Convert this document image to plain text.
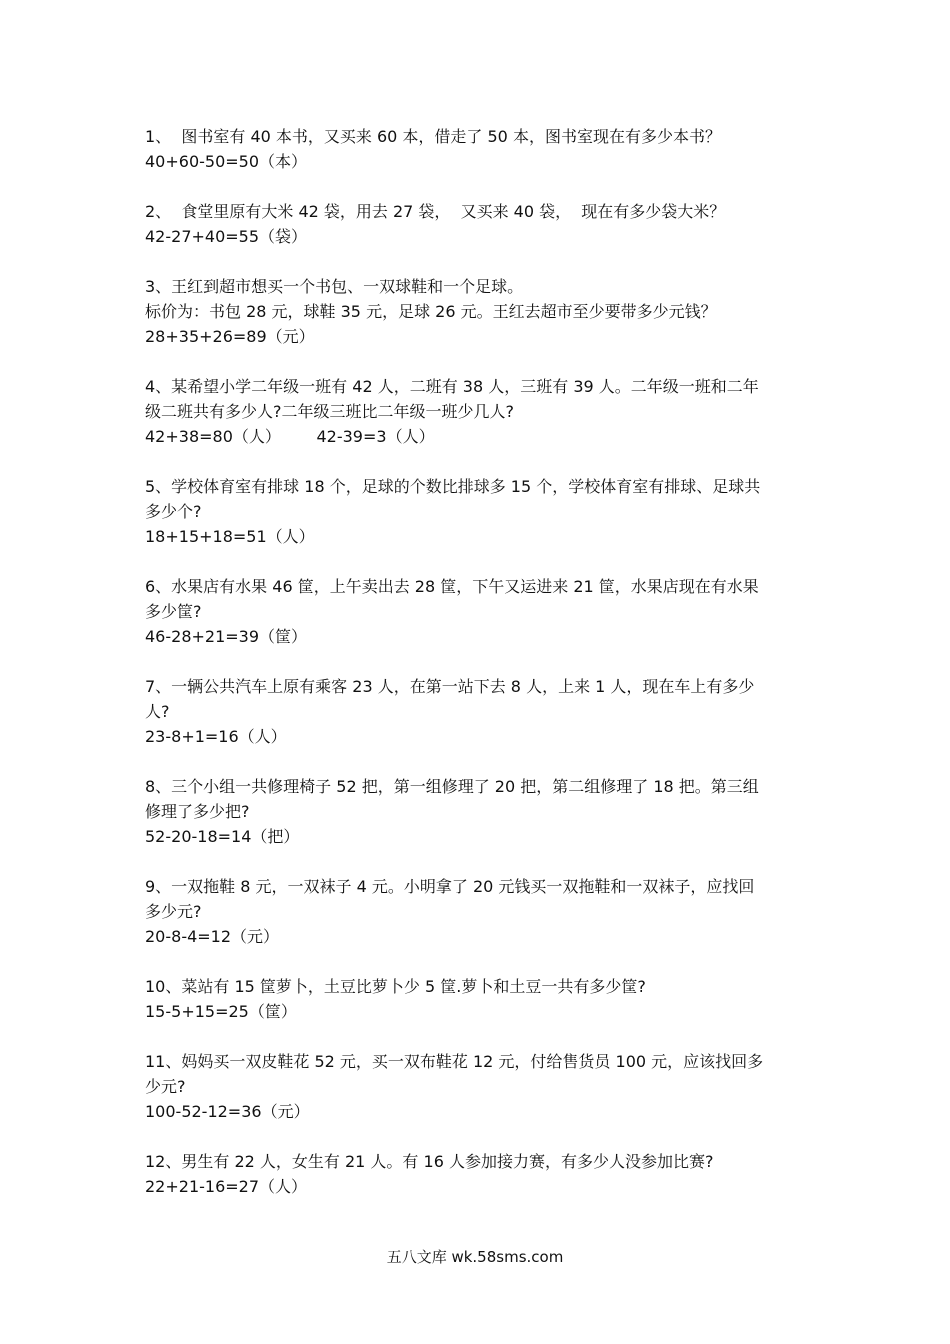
1、  图书室有 40 本书，又买来 60 本，借走了 50 本，图书室现在有多少本书？
40+60-50=50（本）
2、  食堂里原有大米 42 袋，用去 27 袋，  又买来 40 袋，  现在有多少袋大米？
42-27+40=55（袋）
3、王红到超市想买一个书包、一双球鞋和一个足球。
标价为：书包 28 元，球鞋 35 元，足球 26 元。王红去超市至少要带多少元钱？
28+35+26=89（元）
4、某希望小学二年级一班有 42 人，二班有 38 人，三班有 39 人。二年级一班和二年
级二班共有多少人?二年级三班比二年级一班少几人?
42+38=80（人）       42-39=3（人）
5、学校体育室有排球 18 个，足球的个数比排球多 15 个，学校体育室有排球、足球共
多少个?
18+15+18=51（人）
6、水果店有水果 46 筐，上午卖出去 28 筐，下午又运进来 21 筐，水果店现在有水果
多少筐?
46-28+21=39（筐）
7、一辆公共汽车上原有乘客 23 人，在第一站下去 8 人，上来 1 人，现在车上有多少
人?
23-8+1=16（人）
8、三个小组一共修理椅子 52 把，第一组修理了 20 把，第二组修理了 18 把。第三组
修理了多少把?
52-20-18=14（把）
9、一双拖鞋 8 元，一双袜子 4 元。小明拿了 20 元钱买一双拖鞋和一双袜子，应找回
多少元?
20-8-4=12（元）
10、菜站有 15 筐萝卜，土豆比萝卜少 5 筐.萝卜和土豆一共有多少筐?
15-5+15=25（筐）
11、妈妈买一双皮鞋花 52 元，买一双布鞋花 12 元，付给售货员 100 元，应该找回多
少元?
100-52-12=36（元）
12、男生有 22 人，女生有 21 人。有 16 人参加接力赛，有多少人没参加比赛?
22+21-16=27（人）
五八文库 wk.58sms.com
